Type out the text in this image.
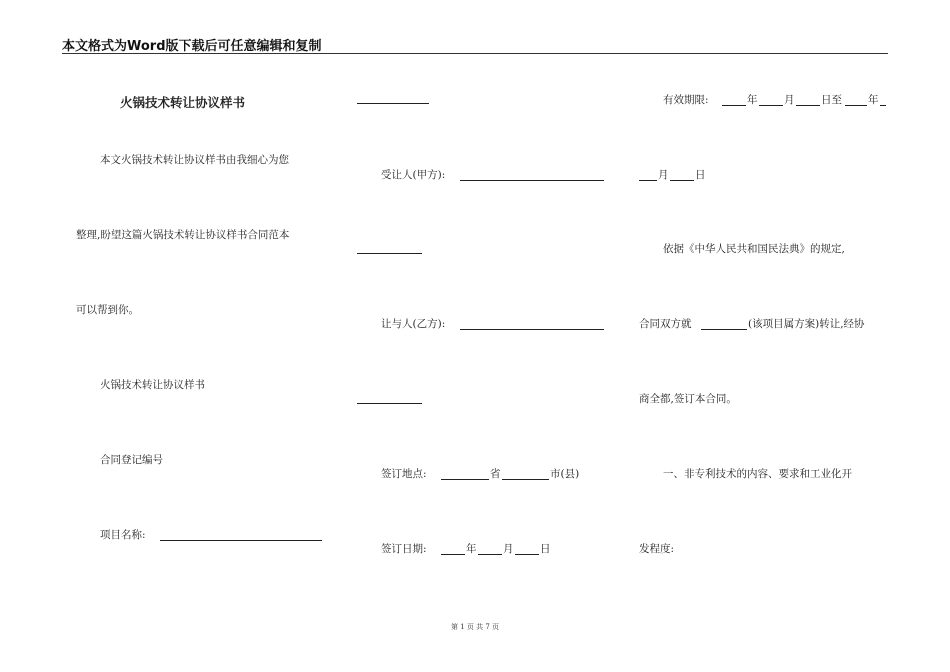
本文格式为Word版下载后可任意编辑和复制
火锅技术转让协议样书
本文火锅技术转让协议样书由我细心为您
整理,盼望这篇火锅技术转让协议样书合同范本
可以帮到你。
火锅技术转让协议样书
合同登记编号
项目名称:
受让人(甲方):
让与人(乙方):
签订地点:	省	市(县)
签订日期:	年	月	日
有效期限:	年	月	日至 年
月	日
依据《中华人民共和国民法典》的规定,
合同双方就	(该项目属方案)转让,经协
商全都,签订本合同。
一、非专利技术的内容、要求和工业化开
发程度:
第 1 页 共 7 页
